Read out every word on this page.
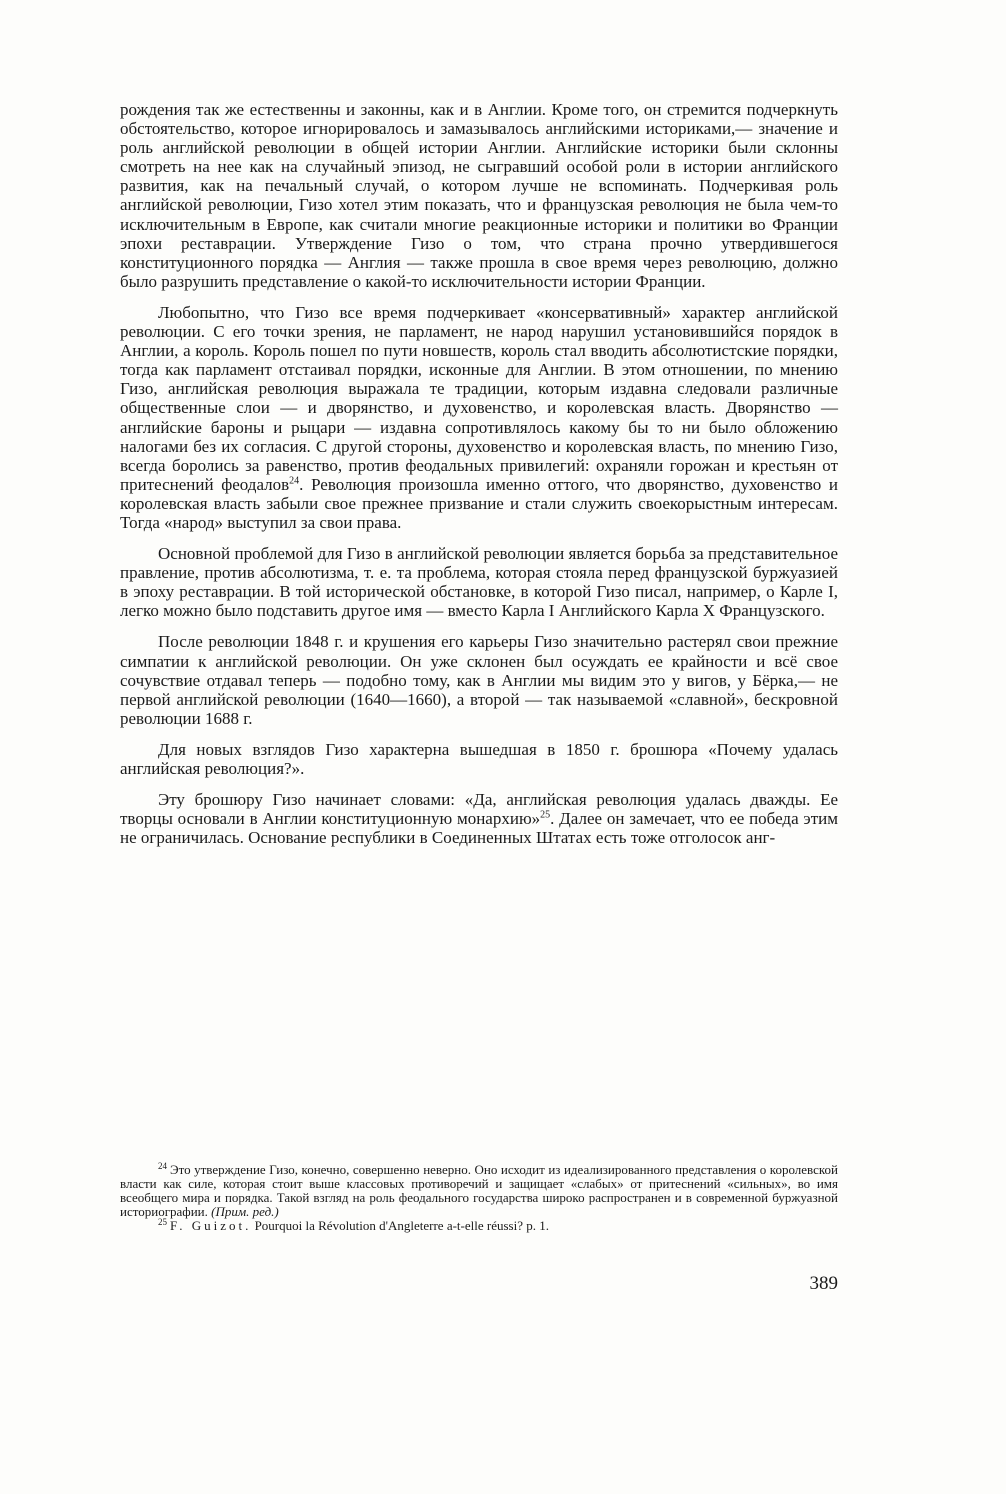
рождения так же естественны и законны, как и в Англии. Кроме того, он стремится подчеркнуть обстоятельство, которое игнорировалось и замазывалось английскими историками,— значение и роль английской революции в общей истории Англии. Английские историки были склонны смотреть на нее как на случайный эпизод, не сыгравший особой роли в истории английского развития, как на печальный случай, о котором лучше не вспоминать. Подчеркивая роль английской революции, Гизо хотел этим показать, что и французская революция не была чем-то исключительным в Европе, как считали многие реакционные историки и политики во Франции эпохи реставрации. Утверждение Гизо о том, что страна прочно утвердившегося конституционного порядка — Англия — также прошла в свое время через революцию, должно было разрушить представление о какой-то исключительности истории Франции.

Любопытно, что Гизо все время подчеркивает «консервативный» характер английской революции. С его точки зрения, не парламент, не народ нарушил установившийся порядок в Англии, а король. Король пошел по пути новшеств, король стал вводить абсолютистские порядки, тогда как парламент отстаивал порядки, исконные для Англии. В этом отношении, по мнению Гизо, английская революция выражала те традиции, которым издавна следовали различные общественные слои — и дворянство, и духовенство, и королевская власть. Дворянство — английские бароны и рыцари — издавна сопротивлялось какому бы то ни было обложению налогами без их согласия. С другой стороны, духовенство и королевская власть, по мнению Гизо, всегда боролись за равенство, против феодальных привилегий: охраняли горожан и крестьян от притеснений феодалов$^{24}$. Революция произошла именно оттого, что дворянство, духовенство и королевская власть забыли свое прежнее призвание и стали служить своекорыстным интересам. Тогда «народ» выступил за свои права.

Основной проблемой для Гизо в английской революции является борьба за представительное правление, против абсолютизма, т. е. та проблема, которая стояла перед французской буржуазией в эпоху реставрации. В той исторической обстановке, в которой Гизо писал, например, о Карле I, легко можно было подставить другое имя — вместо Карла I Английского Карла X Французского.

После революции 1848 г. и крушения его карьеры Гизо значительно растерял свои прежние симпатии к английской революции. Он уже склонен был осуждать ее крайности и всё свое сочувствие отдавал теперь — подобно тому, как в Англии мы видим это у вигов, у Бёрка,— не первой английской революции (1640—1660), а второй — так называемой «славной», бескровной революции 1688 г.

Для новых взглядов Гизо характерна вышедшая в 1850 г. брошюра «Почему удалась английская революция?».

Эту брошюру Гизо начинает словами: «Да, английская революция удалась дважды. Ее творцы основали в Англии конституционную монархию»$^{25}$. Далее он замечает, что ее победа этим не ограничилась. Основание республики в Соединенных Штатах есть тоже отголосок анг-

$^{24}$ Это утверждение Гизо, конечно, совершенно неверно. Оно исходит из идеализированного представления о королевской власти как силе, которая стоит выше классовых противоречий и защищает «слабых» от притеснений «сильных», во имя всеобщего мира и порядка. Такой взгляд на роль феодального государства широко распространен и в современной буржуазной историографии. (Прим. ред.)

$^{25}$ F. Guizot. Pourquoi la Révolution d'Angleterre a-t-elle réussi? p. 1.

389
